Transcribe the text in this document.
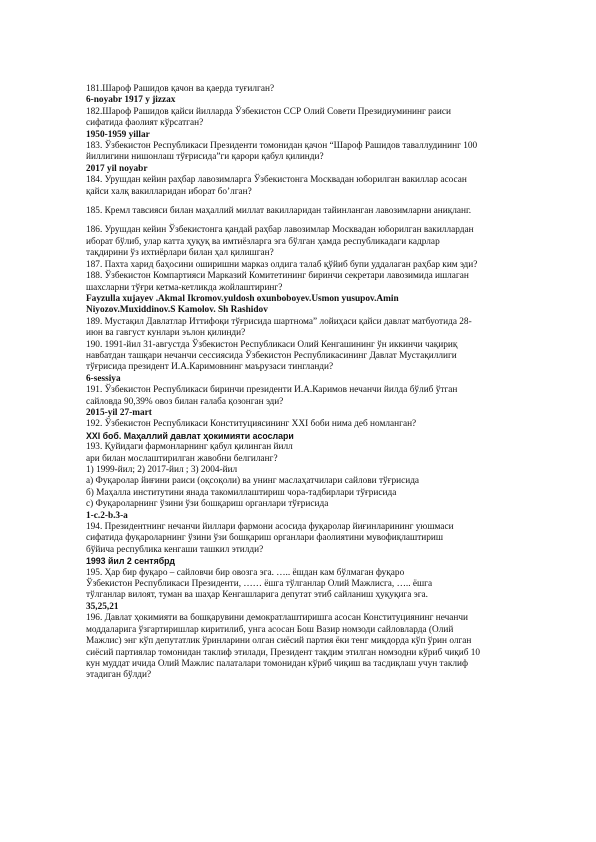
181.Шароф Рашидов қачон ва қаерда туғилган?

6-noyabr 1917 y jizzax

182.Шароф Рашидов қайси йилларда Ўзбекистон ССР Олий Совети Президиумининг раиси

сифатида фаолият кўрсатган?

1950-1959 yillar

183. Ўзбекистон Республикаси Президенти томонидан қачон “Шароф Рашидов таваллудининг 100

йиллигини нишонлаш тўғрисида”ги қарори қабул қилинди?

2017 yil noyabr

184. Урушдан кейин раҳбар лавозимларга Ўзбекистонга Москвадан юборилган вакиллар асосан

қайси халқ вакилларидан иборат бо’лган?

185. Кремл тавсияси билан маҳаллий миллат вакилларидан тайинланган лавозимларни аниқланг.

186. Урушдан кейин Ўзбекистонга қандай раҳбар лавозимлар Москвадан юборилган вакиллардан

иборат бўлиб, улар катта ҳуқуқ ва имтиёзларга эга бўлган ҳамда республикадаги кадрлар

тақдирини ўз ихтиёрлари билан ҳал қилишган?

187. Пахта харид баҳосини оширишни марказ олдига талаб қўйиб бупи уддалаган раҳбар ким эди?

188. Ўзбекистон Компартияси Марказий Комитетининг биринчи секретари лавозимида ишлаган

шахсларни тўғри кетма-кетликда жойлаштиринг?

Fayzulla xujayev .Akmal Ikromov.yuldosh oxunboboyev.Usmon yusupov.Amin

Niyozov.Muxiddinov.S Kamolov. Sh Rashidov

189. Мустақил Давлатлар Иттифоқи тўғрисида шартнома” лойиҳаси қайси давлат матбуотида 28-

июн ва гавгуст кунлари эълон қилинди?

190. 1991-йил 31-августда Ўзбекистон Республикаси Олий Кенгашининг ўн иккинчи чақириқ

навбатдан ташқари нечанчи сессиясида Ўзбекистон Республикасининг Давлат Мустақиллиги

тўғрисида президент И.А.Каримовнинг маърузаси тингланди?

6-sessiya

191. Ўзбекистон Республикаси биринчи президенти И.А.Каримов нечанчи йилда бўлиб ўтган

сайловда 90,39% овоз билан ғалаба қозонган эди?

2015-yil 27-mart

192. Ўзбекистон Республикаси Конституциясининг XXI боби нима деб номланган?

XXI боб. Маҳаллий давлат ҳокимияти асослари

193. Қуйидаги фармонларнинг қабул қилинган йилл

ари билан мослаштирилган жавобни белгиланг?

1) 1999-йил; 2) 2017-йил ; 3) 2004-йил

а) Фуқаролар йиғини раиси (оқсоқоли) ва унинг маслаҳатчилари сайлови тўғрисида

б) Маҳалла институтини янада такомиллаштириш чора-тадбирлари тўғрисида

с) Фуқароларнинг ўзини ўзи бошқариш органлари тўғрисида

1-c.2-b.3-a

194. Президентнинг нечанчи йиллари фармони асосида фуқаролар йиғинларининг уюшмаси

сифатида фуқароларнинг ўзини ўзи бошқариш органлари фаолиятини мувофиқлаштириш

бўйича республика кенгаши ташкил этилди?

1993 йил 2 сентябрд

195. Ҳар бир фуқаро – сайловчи бир овозга эга. ….. ёшдан кам бўлмаган фуқаро

Ўзбекистон Республикаси Президенти, …… ёшга тўлганлар Олий Мажлисга, ….. ёшга

тўлганлар вилоят, туман ва шаҳар Кенгашларига депутат этиб сайланиш ҳуқуқига эга.

35,25,21

196. Давлат ҳокимияти ва бошқарувини демократлаштиришга асосан Конституциянинг нечанчи

моддаларига ўзгартиришлар киритилиб, унга асосан Бош Вазир номзоди сайловларда (Олий

Мажлис) энг кўп депутатлик ўринларини олган сиёсий партия ёки тенг миқдорда кўп ўрин олган

сиёсий партиялар томонидан таклиф этилади, Президент тақдим этилган номзодни кўриб чиқиб 10

кун муддат ичида Олий Мажлис палаталари томонидан кўриб чиқиш ва тасдиқлаш учун таклиф

этадиган бўлди?
